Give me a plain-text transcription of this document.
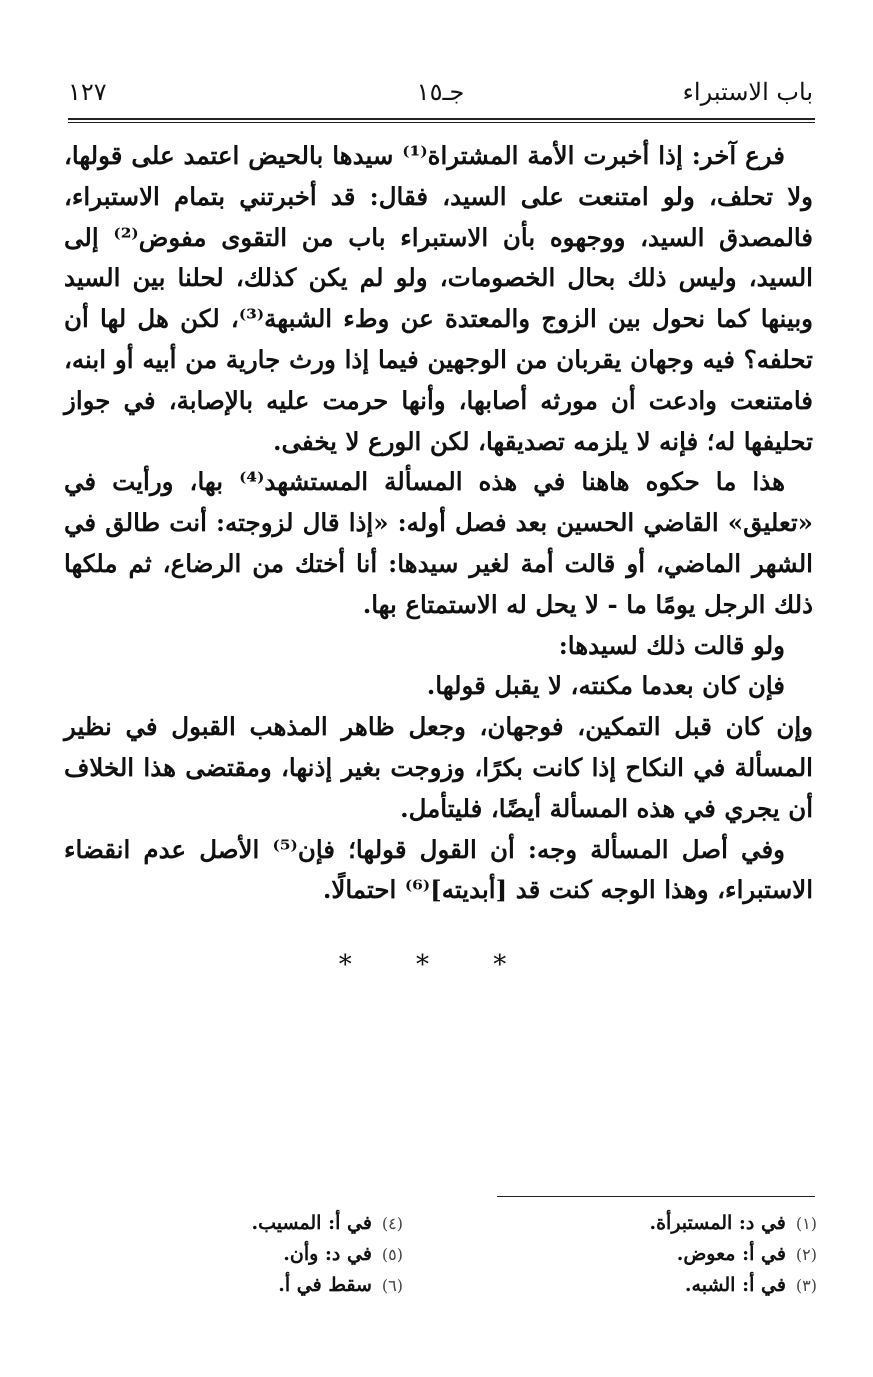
باب الاستبراء
جـ١٥
١٢٧

فرع آخر: إذا أخبرت الأمة المشتراة⁽¹⁾ سيدها بالحيض اعتمد على قولها، ولا تحلف، ولو امتنعت على السيد، فقال: قد أخبرتني بتمام الاستبراء، فالمصدق السيد، ووجهوه بأن الاستبراء باب من التقوى مفوض⁽²⁾ إلى السيد، وليس ذلك بحال الخصومات، ولو لم يكن كذلك، لحلنا بين السيد وبينها كما نحول بين الزوج والمعتدة عن وطء الشبهة⁽³⁾، لكن هل لها أن تحلفه؟ فيه وجهان يقربان من الوجهين فيما إذا ورث جارية من أبيه أو ابنه، فامتنعت وادعت أن مورثه أصابها، وأنها حرمت عليه بالإصابة، في جواز تحليفها له؛ فإنه لا يلزمه تصديقها، لكن الورع لا يخفى.

هذا ما حكوه هاهنا في هذه المسألة المستشهد⁽⁴⁾ بها، ورأيت في «تعليق» القاضي الحسين بعد فصل أوله: «إذا قال لزوجته: أنت طالق في الشهر الماضي، أو قالت أمة لغير سيدها: أنا أختك من الرضاع، ثم ملكها ذلك الرجل يومًا ما - لا يحل له الاستمتاع بها.

ولو قالت ذلك لسيدها:

فإن كان بعدما مكنته، لا يقبل قولها.

وإن كان قبل التمكين، فوجهان، وجعل ظاهر المذهب القبول في نظير المسألة في النكاح إذا كانت بكرًا، وزوجت بغير إذنها، ومقتضى هذا الخلاف أن يجري في هذه المسألة أيضًا، فليتأمل.

وفي أصل المسألة وجه: أن القول قولها؛ فإن⁽⁵⁾ الأصل عدم انقضاء الاستبراء، وهذا الوجه كنت قد [أبديته]⁽⁶⁾ احتمالًا.

* * *
(١)في د: المستبرأة.
(٢)في أ: معوض.
(٣)في أ: الشبه.
(٤)في أ: المسيب.
(٥)في د: وأن.
(٦)سقط في أ.
